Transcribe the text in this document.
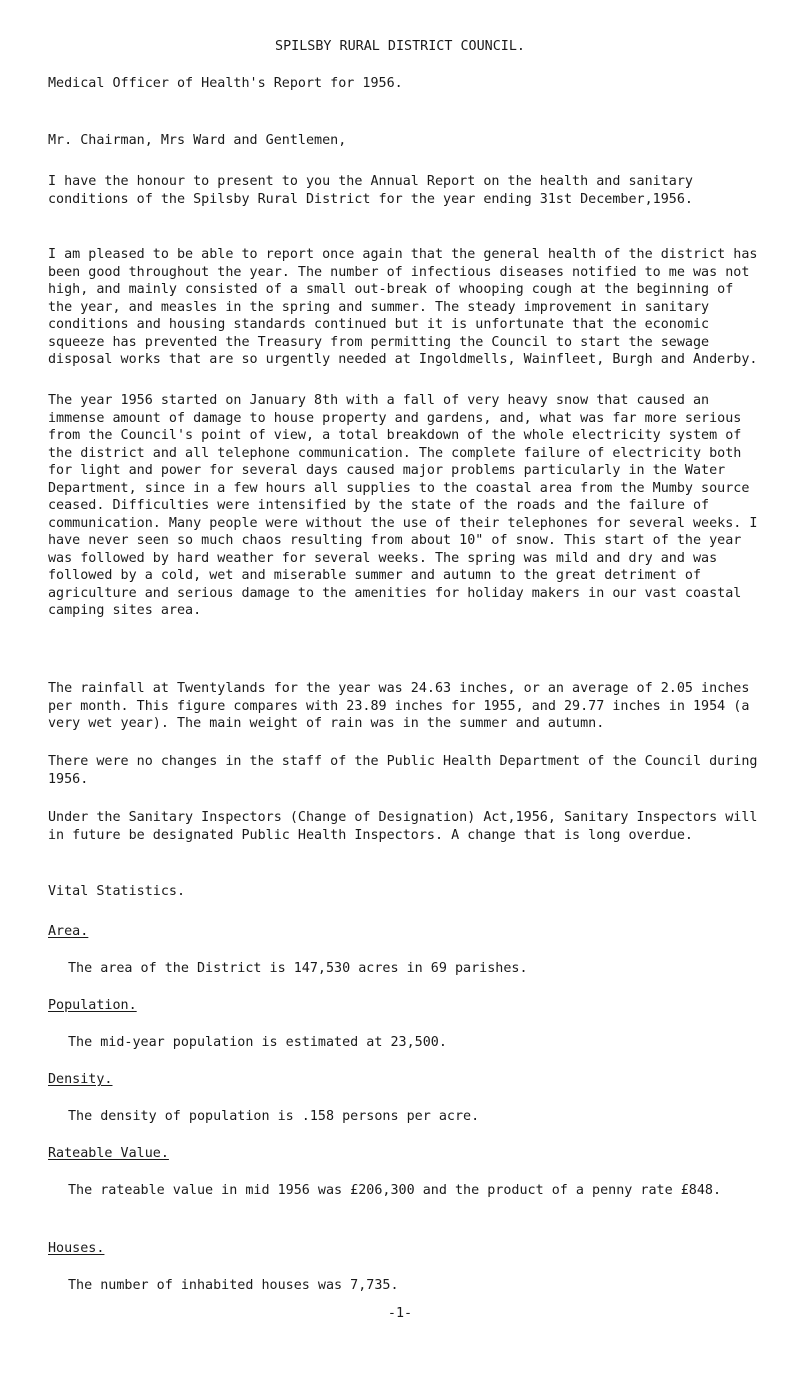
SPILSBY RURAL DISTRICT COUNCIL.
Medical Officer of Health's Report for 1956.
Mr. Chairman, Mrs Ward and Gentlemen,
I have the honour to present to you the Annual Report on the health and sanitary conditions of the Spilsby Rural District for the year ending 31st December,1956.
I am pleased to be able to report once again that the general health of the district has been good throughout the year. The number of infectious diseases notified to me was not high, and mainly consisted of a small out-break of whooping cough at the beginning of the year, and measles in the spring and summer. The steady improvement in sanitary conditions and housing standards continued but it is unfortunate that the economic squeeze has prevented the Treasury from permitting the Council to start the sewage disposal works that are so urgently needed at Ingoldmells, Wainfleet, Burgh and Anderby.
The year 1956 started on January 8th with a fall of very heavy snow that caused an immense amount of damage to house property and gardens, and, what was far more serious from the Council's point of view, a total breakdown of the whole electricity system of the district and all telephone communication. The complete failure of electricity both for light and power for several days caused major problems particularly in the Water Department, since in a few hours all supplies to the coastal area from the Mumby source ceased. Difficulties were intensified by the state of the roads and the failure of communication. Many people were without the use of their telephones for several weeks. I have never seen so much chaos resulting from about 10" of snow. This start of the year was followed by hard weather for several weeks. The spring was mild and dry and was followed by a cold, wet and miserable summer and autumn to the great detriment of agriculture and serious damage to the amenities for holiday makers in our vast coastal camping sites area.
The rainfall at Twentylands for the year was 24.63 inches, or an average of 2.05 inches per month. This figure compares with 23.89 inches for 1955, and 29.77 inches in 1954 (a very wet year). The main weight of rain was in the summer and autumn.
There were no changes in the staff of the Public Health Department of the Council during 1956.
Under the Sanitary Inspectors (Change of Designation) Act,1956, Sanitary Inspectors will in future be designated Public Health Inspectors. A change that is long overdue.
Vital Statistics.
Area.
The area of the District is 147,530 acres in 69 parishes.
Population.
The mid-year population is estimated at 23,500.
Density.
The density of population is .158 persons per acre.
Rateable Value.
The rateable value in mid 1956 was £206,300 and the product of a penny rate £848.
Houses.
The number of inhabited houses was 7,735.
-1-
